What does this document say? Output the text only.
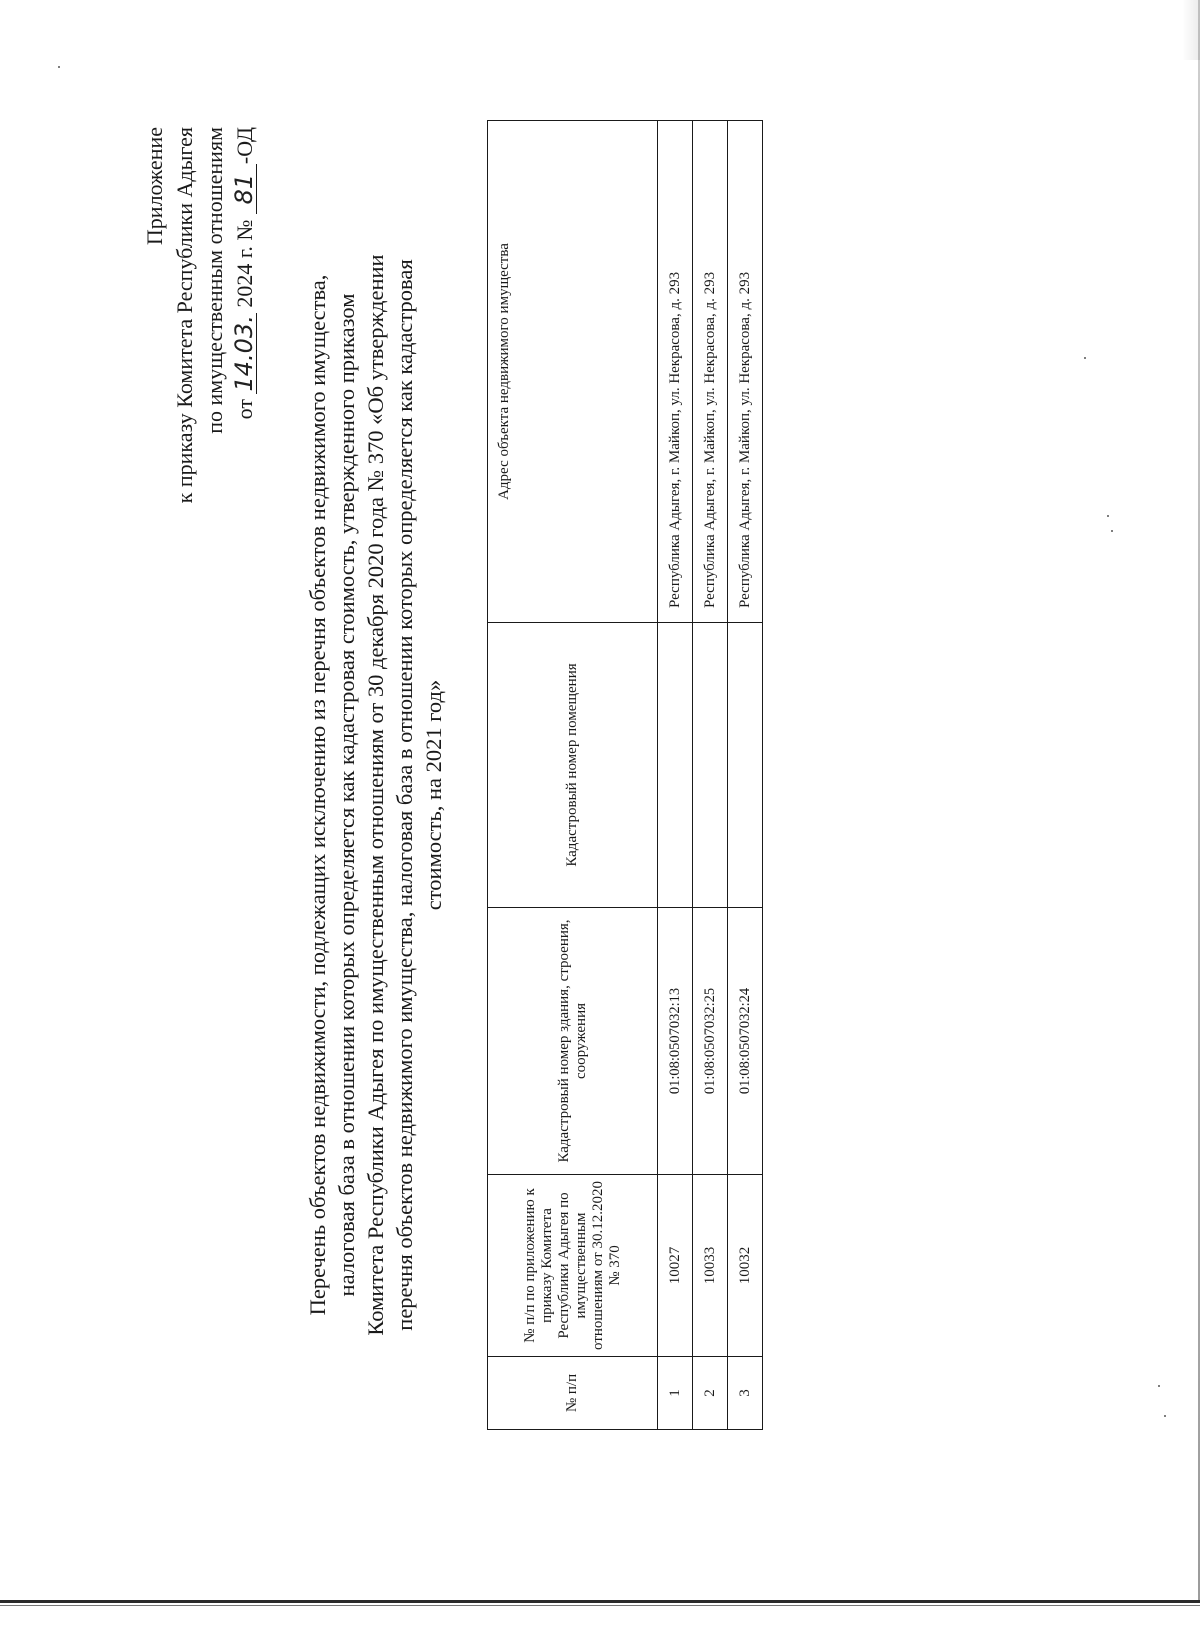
Приложение к приказу Комитета Республики Адыгея по имущественным отношениям от 14.03. 2024 г. № 81-ОД
Перечень объектов недвижимости, подлежащих исключению из перечня объектов недвижимого имущества, налоговая база в отношении которых определяется как кадастровая стоимость, утвержденного приказом Комитета Республики Адыгея по имущественным отношениям от 30 декабря 2020 года № 370 «Об утверждении перечня объектов недвижимого имущества, налоговая база в отношении которых определяется как кадастровая стоимость, на 2021 год»
№ п/п	№ п/п по приложению к приказу Комитета Республики Адыгея по имущественным отношениям от 30.12.2020 № 370	Кадастровый номер здания, строения, сооружения	Кадастровый номер помещения	Адрес объекта недвижимого имущества
1	10027	01:08:0507032:13		Республика Адыгея, г. Майкоп, ул. Некрасова, д. 293
2	10033	01:08:0507032:25		Республика Адыгея, г. Майкоп, ул. Некрасова, д. 293
3	10032	01:08:0507032:24		Республика Адыгея, г. Майкоп, ул. Некрасова, д. 293
